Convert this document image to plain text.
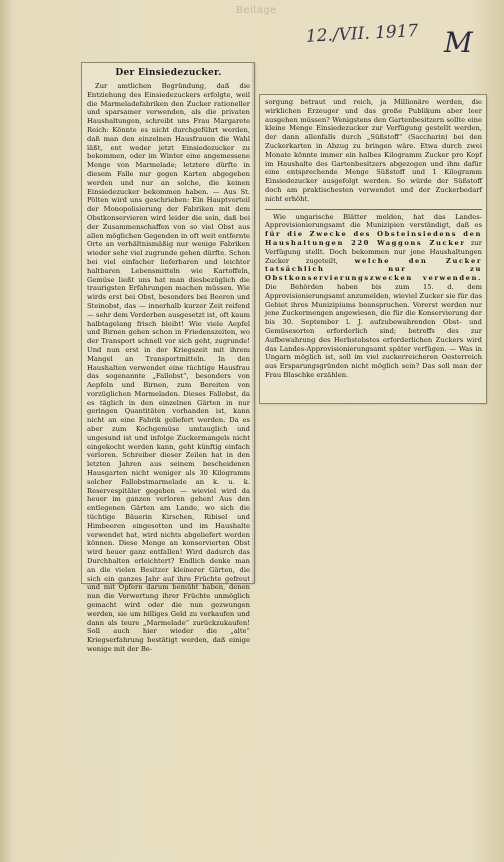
Beilage
12./VII. 1917 M
Der Einsiedezucker.

Zur amtlichen Begründung, daß die Entziehung des Einsiedezuckers erfolgte, weil die Marmeladefabriken den Zucker rationeller und sparsamer verwenden, als die privaten Haushaltungen, schreibt uns Frau Margarete Reich: Könnte es nicht durchgeführt werden, daß man den einzelnen Hausfrauen die Wahl läßt, ent weder jetzt Einsiedezucker zu bekommen, oder im Winter eine angemessene Menge von Marmelade; letztere dürfte in diesem Falle nur gegen Karten abgegeben werden und nur an solche, die keinen Einsiedezucker bekommen haben. — Aus St. Pölten wird uns geschrieben: Ein Hauptvorteil der Monopolisierung der Fabriken mit dem Obstkonservieren wird leider die sein, daß bei der Zusammenschaffen von so viel Obst aus allen möglichen Gegenden in oft weit entfernte Orte an verhältnismäßig nur wenige Fabriken wieder sehr viel zugrunde gehen dürfte. Schon bei viel einfacher lieferbaren und leichter haltbaren Lebensmitteln wie Kartoffeln, Gemüse ließt uns hat man diesbezüglich die traurigsten Erfahrungen machen müssen. Wie wirds erst bei Obst, besonders bei Beeren und Steinobst, das — innerhalb kurzer Zeit reifend — sehr dem Verderben ausgesetzt ist, oft kaum halbtagelang frisch bleibt! Wie viele Aepfel und Birnen gehen schon in Friedenszeiten, wo der Transport schnell vor sich geht, zugrunde! Und nun erst in der Kriegszeit mit ihrem Mangel an Transportmitteln. In den Haushalten verwendet eine tüchtige Hausfrau das sogenannte „Fallobst“, besonders von Aepfeln und Birnen, zum Bereiten von vorzüglichen Marmeladen. Dieses Fallobst, da es täglich in den einzelnen Gärten in nur geringen Quantitäten vorhanden ist, kann nicht an eine Fabrik geliefert werden. Da es aber zum Kochgemüse umtauglich und ungesund ist und infolge Zuckermangels nicht eingekocht werden kann, geht künftig einfach verloren. Schreiber dieser Zeilen hat in den letzten Jahren aus seinem bescheidenen Hausgarten nicht weniger als 30 Kilogramm solcher Fallobstmarmelade an k. u. k. Reservespitäler gegeben — wieviel wird da heuer im ganzen verloren gehen! Aus den entlegenen Gärten am Lande, wo sich die tüchtige Bäuerin Kirschen, Ribisel und Himbeeren eingesotten und im Haushalte verwendet hat, wird nichts abgeliefert werden können. Diese Menge an konservierten Obst wird heuer ganz entfallen! Wird dadurch das Durchhalten erleichtert? Endlich denke man an die vielen Besitzer kleinerer Gärten, die sich ein ganzes Jahr auf ihre Früchte gefreut und mit Opfern darum bemüht haben, denen nun die Verwertung ihrer Früchte unmöglich gemacht wird oder die nun gezwungen werden, sie um billiges Geld zu verkaufen und dann als teure „Marmelade“ zurückzukaufen! Soll auch hier wieder die „alte“ Kriegserfahrung bestätigt werden, daß einige wenige mit der Be-

sorgung betraut und reich, ja Millionäre werden, die wirklichen Erzeuger und das große Publikum aber leer ausgehen müssen? Wenigstens den Gartenbesitzern sollte eine kleine Menge Einsiedezucker zur Verfügung gestellt werden, der dann allenfalls durch „Süßstoff“ (Saccharin) bei den Zuckerkarten in Abzug zu bringen wäre. Etwa durch zwei Monate könnte immer ein halbes Kilogramm Zucker pro Kopf im Haushalte des Gartenbesitzers abgezogen und ihm dafür eine entsprechende Menge Süßstoff und 1 Kilogramm Einsiedezucker ausgefolgt werden. So würde der Süßstoff doch am praktischesten verwendet und der Zuckerbedarf nicht erhöht.

Wie ungarische Blätter melden, hat das Landes-Approvisionierungsamt die Munizipien verständigt, daß es für die Zwecke des Obsteinsiedens den Haushaltungen 220 Waggons Zucker zur Verfügung stellt. Doch bekommen nur jene Haushaltungen Zucker zugeteilt, welche den Zucker tatsächlich nur zu Obstkonservierungszwecken verwenden. Die Behörden haben bis zum 15. d. dem Approvisionierungsamt anzumelden, wieviel Zucker sie für das Gebiet ihres Munizipiums beanspruchen. Vorerst werden nur jene Zuckermengen angewiesen, die für die Konservierung der bis 30. September l. J. aufzubewahrenden Obst- und Gemüsesorten erforderlich sind; betreffs des zur Aufbewahrung des Herbstobstes erforderlichen Zuckers wird das Landes-Approvisionierungsamt später verfügen. — Was in Ungarn möglich ist, soll im viel zuckerreicheren Oesterreich aus Ersparungsgründen nicht möglich sein? Das soll man der Frau Blaschke erzählen.
